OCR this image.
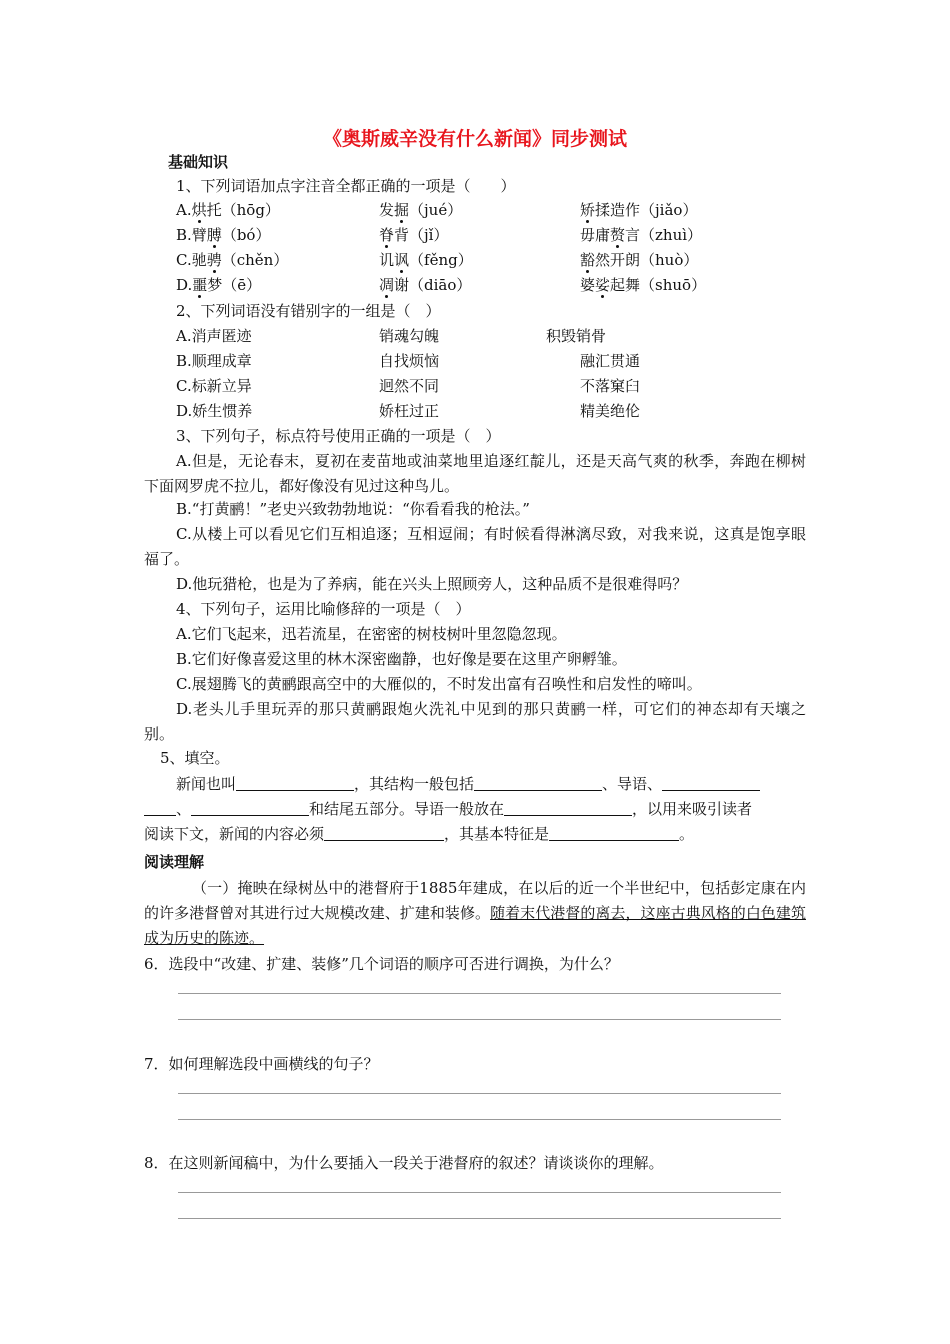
《奥斯威辛没有什么新闻》同步测试
基础知识
1、下列词语加点字注音全都正确的一项是（　　）
A.烘托（hōg）	发掘（jué）	矫揉造作（jiǎo）
B.臂膊（bó）	脊背（jǐ）	毋庸赘言（zhuì）
C.驰骋（chěn）	讥讽（fěng）	豁然开朗（huò）
D.噩梦（ē）	凋谢（diāo）	婆娑起舞（shuō）
2、下列词语没有错别字的一组是（　）
A.消声匿迹	销魂勾魄	积毁销骨
B.顺理成章	自找烦恼	融汇贯通
C.标新立异	迥然不同	不落窠臼
D.娇生惯养	娇枉过正	精美绝伦
3、下列句子，标点符号使用正确的一项是（　）
A.但是，无论春末，夏初在麦苗地或油菜地里追逐红靛儿，还是天高气爽的秋季，奔跑在柳树下面网罗虎不拉儿，都好像没有见过这种鸟儿。
B.“打黄鹂！”老史兴致勃勃地说：“你看看我的枪法。”
C.从楼上可以看见它们互相追逐；互相逗闹；有时候看得淋漓尽致，对我来说，这真是饱享眼福了。
D.他玩猎枪，也是为了养病，能在兴头上照顾旁人，这种品质不是很难得吗？
4、下列句子，运用比喻修辞的一项是（　）
A.它们飞起来，迅若流星，在密密的树枝树叶里忽隐忽现。
B.它们好像喜爱这里的林木深密幽静，也好像是要在这里产卵孵雏。
C.展翅腾飞的黄鹂跟高空中的大雁似的，不时发出富有召唤性和启发性的啼叫。
D.老头儿手里玩弄的那只黄鹂跟炮火洗礼中见到的那只黄鹂一样，可它们的神态却有天壤之别。
5、填空。
新闻也叫	，其结构一般包括	、导语、
、	和结尾五部分。导语一般放在	，以用来吸引读者
阅读下文，新闻的内容必须	，其基本特征是	。
阅读理解
（一）掩映在绿树丛中的港督府于1885年建成，在以后的近一个半世纪中，包括彭定康在内的许多港督曾对其进行过大规模改建、扩建和装修。随着末代港督的离去，这座古典风格的白色建筑成为历史的陈迹。
6．选段中“改建、扩建、装修”几个词语的顺序可否进行调换，为什么？
7．如何理解选段中画横线的句子？
8．在这则新闻稿中，为什么要插入一段关于港督府的叙述？请谈谈你的理解。
